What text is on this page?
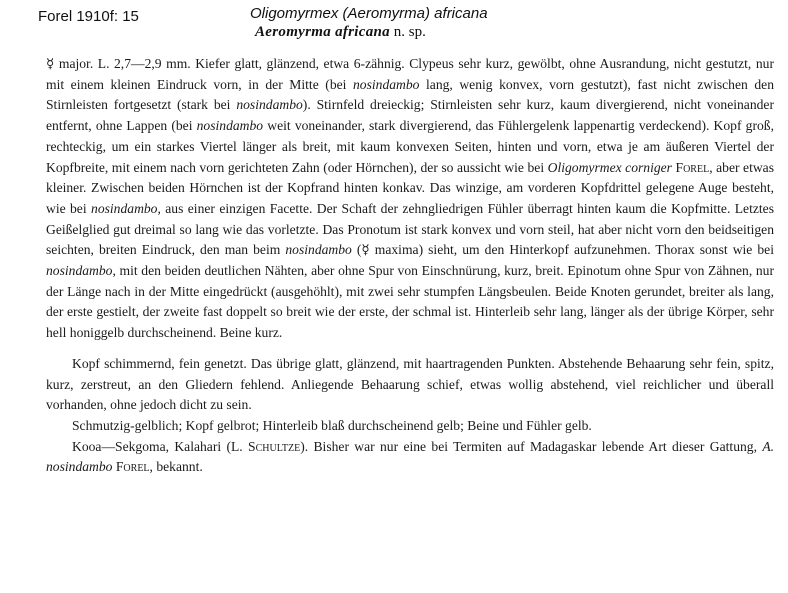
Forel 1910f: 15	Oligomyrmex (Aeromyrma) africana
Aeromyrma africana n. sp.

☿ major. L. 2,7—2,9 mm. Kiefer glatt, glänzend, etwa 6-zähnig. Clypeus sehr kurz, gewölbt, ohne Ausrandung, nicht gestutzt, nur mit einem kleinen Eindruck vorn, in der Mitte (bei nosindambo lang, wenig konvex, vorn gestutzt), fast nicht zwischen den Stirnleisten fortgesetzt (stark bei nosindambo). Stirnfeld dreieckig; Stirnleisten sehr kurz, kaum divergierend, nicht voneinander entfernt, ohne Lappen (bei nosindambo weit voneinander, stark divergierend, das Fühlergelenk lappenartig verdeckend). Kopf groß, rechteckig, um ein starkes Viertel länger als breit, mit kaum konvexen Seiten, hinten und vorn, etwa je am äußeren Viertel der Kopfbreite, mit einem nach vorn gerichteten Zahn (oder Hörnchen), der so aussicht wie bei Oligomyrmex corniger Forel, aber etwas kleiner. Zwischen beiden Hörnchen ist der Kopfrand hinten konkav. Das winzige, am vorderen Kopfdrittel gelegene Auge besteht, wie bei nosindambo, aus einer einzigen Facette. Der Schaft der zehngliedrigen Fühler überragt hinten kaum die Kopfmitte. Letztes Geißelglied gut dreimal so lang wie das vorletzte. Das Pronotum ist stark konvex und vorn steil, hat aber nicht vorn den beidseitigen seichten, breiten Eindruck, den man beim nosindambo (☿ maxima) sieht, um den Hinterkopf aufzunehmen. Thorax sonst wie bei nosindambo, mit den beiden deutlichen Nähten, aber ohne Spur von Einschnürung, kurz, breit. Epinotum ohne Spur von Zähnen, nur der Länge nach in der Mitte eingedrückt (ausgehöhlt), mit zwei sehr stumpfen Längsbeulen. Beide Knoten gerundet, breiter als lang, der erste gestielt, der zweite fast doppelt so breit wie der erste, der schmal ist. Hinterleib sehr lang, länger als der übrige Körper, sehr hell honiggelb durchscheinend. Beine kurz.

Kopf schimmernd, fein genetzt. Das übrige glatt, glänzend, mit haartragenden Punkten. Abstehende Behaarung sehr fein, spitz, kurz, zerstreut, an den Gliedern fehlend. Anliegende Behaarung schief, etwas wollig abstehend, viel reichlicher und überall vorhanden, ohne jedoch dicht zu sein.

Schmutzig-gelblich; Kopf gelbrot; Hinterleib blaß durchscheinend gelb; Beine und Fühler gelb.

Kooa—Sekgoma, Kalahari (L. Schultze). Bisher war nur eine bei Termiten auf Madagaskar lebende Art dieser Gattung, A. nosindambo Forel, bekannt.
